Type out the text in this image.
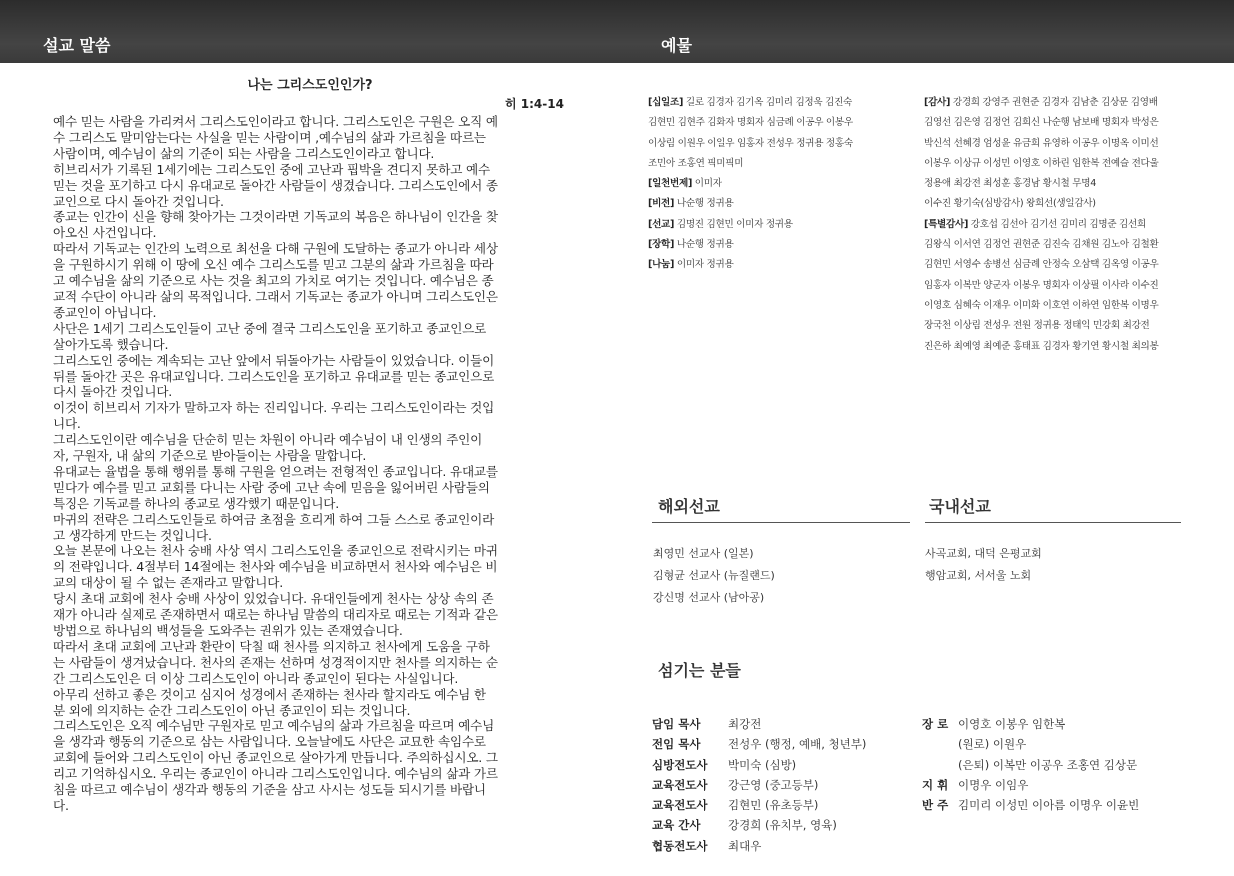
설교 말씀	예물
나는 그리스도인인가?
히 1:4-14

예수 믿는 사람을 가리켜서 그리스도인이라고 합니다. 그리스도인은 구원은 오직 예

수 그리스도 말미암는다는 사실을 믿는 사람이며 ,예수님의 삶과 가르침을 따르는

사람이며, 예수님이 삶의 기준이 되는 사람을 그리스도인이라고 합니다.

히브리서가 기록된 1세기에는 그리스도인 중에 고난과 핍박을 견디지 못하고 예수

믿는 것을 포기하고 다시 유대교로 돌아간 사람들이 생겼습니다. 그리스도인에서 종

교인으로 다시 돌아간 것입니다.

종교는 인간이 신을 향해 찾아가는 그것이라면 기독교의 복음은 하나님이 인간을 찾

아오신 사건입니다.

따라서 기독교는 인간의 노력으로 최선을 다해 구원에 도달하는 종교가 아니라 세상

을 구원하시기 위해 이 땅에 오신 예수 그리스도를 믿고 그분의 삶과 가르침을 따라

고 예수님을 삶의 기준으로 사는 것을 최고의 가치로 여기는 것입니다. 예수님은 종

교적 수단이 아니라 삶의 목적입니다. 그래서 기독교는 종교가 아니며 그리스도인은

종교인이 아닙니다.

사단은 1세기 그리스도인들이 고난 중에 결국 그리스도인을 포기하고 종교인으로

살아가도록 했습니다.

그리스도인 중에는 계속되는 고난 앞에서 뒤돌아가는 사람들이 있었습니다. 이들이

뒤를 돌아간 곳은 유대교입니다. 그리스도인을 포기하고 유대교를 믿는 종교인으로

다시 돌아간 것입니다.

이것이 히브리서 기자가 말하고자 하는 진리입니다. 우리는 그리스도인이라는 것입

니다.

그리스도인이란 예수님을 단순히 믿는 차원이 아니라 예수님이 내 인생의 주인이

자, 구원자, 내 삶의 기준으로 받아들이는 사람을 말합니다.

유대교는 율법을 통해 행위를 통해 구원을 얻으려는 전형적인 종교입니다. 유대교를

믿다가 예수를 믿고 교회를 다니는 사람 중에 고난 속에 믿음을 잃어버린 사람들의

특징은 기독교를 하나의 종교로 생각했기 때문입니다.

마귀의 전략은 그리스도인들로 하여금 초점을 흐리게 하여 그들 스스로 종교인이라

고 생각하게 만드는 것입니다.

오늘 본문에 나오는 천사 숭배 사상 역시 그리스도인을 종교인으로 전락시키는 마귀

의 전략입니다. 4절부터 14절에는 천사와 예수님을 비교하면서 천사와 예수님은 비

교의 대상이 될 수 없는 존재라고 말합니다.

당시 초대 교회에 천사 숭배 사상이 있었습니다. 유대인들에게 천사는 상상 속의 존

재가 아니라 실제로 존재하면서 때로는 하나님 말씀의 대리자로 때로는 기적과 같은

방법으로 하나님의 백성들을 도와주는 권위가 있는 존재였습니다.

따라서 초대 교회에 고난과 환란이 닥칠 때 천사를 의지하고 천사에게 도움을 구하

는 사람들이 생겨났습니다. 천사의 존재는 선하며 성경적이지만 천사를 의지하는 순

간 그리스도인은 더 이상 그리스도인이 아니라 종교인이 된다는 사실입니다.

아무리 선하고 좋은 것이고 심지어 성경에서 존재하는 천사라 할지라도 예수님 한

분 외에 의지하는 순간 그리스도인이 아닌 종교인이 되는 것입니다.

그리스도인은 오직 예수님만 구원자로 믿고 예수님의 삶과 가르침을 따르며 예수님

을 생각과 행동의 기준으로 삼는 사람입니다. 오늘날에도 사단은 교묘한 속임수로

교회에 들어와 그리스도인이 아닌 종교인으로 살아가게 만듭니다. 주의하십시오. 그

리고 기억하십시오. 우리는 종교인이 아니라 그리스도인입니다. 예수님의 삶과 가르

침을 따르고 예수님이 생각과 행동의 기준을 삼고 사시는 성도들 되시기를 바랍니

다.

[십일조] 길로 김경자 김기옥 김미리 김정욱 김진숙
김현민 김현주 김화자 명회자 심금례 이공우 이봉우
이상림 이원우 이일우 임홍자 전성우 정귀용 정홍숙
조민아 조홍연 픽미픽미
[일천번제] 이미자
[비전] 나순행 정귀용
[선교] 김명진 김현민 이미자 정귀용
[장학] 나순행 정귀용
[나눔] 이미자 정귀용
[감사] 강경희 강영주 권현준 김경자 김남춘 김상문 김영배
김영선 김은영 김정언 김희신 나순행 남보배 명회자 박성은
박신석 선혜경 엄성윤 유금희 유영하 이공우 이명옥 이미선
이봉우 이상규 이성민 이영호 이하린 임한복 전예슬 전다울
정용애 최강전 최성훈 홍경남 황시철 무명4
이수진 황기숙(심방감사) 왕희선(생일감사)
[특별감사] 강호섭 김선아 김기선 김미리 김명준 김선희
김왕식 이서연 김정언 권현준 김진숙 김채원 김노아 김철환
김현민 서영수 송병선 심금례 안정숙 오삼택 김옥영 이공우
임홍자 이복만 양군자 이봉우 명회자 이상필 이사라 이수진
이영호 심혜숙 이재우 이미화 이호연 이하연 임한복 이명우
장국천 이상림 전성우 전원 정귀용 정태익 민강회 최강전
진은하 최예영 최예준 홍태표 김경자 황기연 황시철 최의봉
해외선교
최영민 선교사 (일본)
김형균 선교사 (뉴질랜드)
강신명 선교사 (남아공)
국내선교
사곡교회, 대덕 은평교회
행암교회, 서서울 노회
섬기는 분들
담임 목사 최강전
전임 목사 전성우 (행정, 예배, 청년부)
심방전도사 박미숙 (심방)
교육전도사 강근영 (중고등부)
교육전도사 김현민 (유초등부)
교육 간사 강경희 (유치부, 영육)
협동전도사 최대우
장 로 이영호 이봉우 임한복
(원로) 이원우
(은퇴) 이복만 이공우 조홍연 김상문
지 휘 이명우 이임우
반 주 김미리 이성민 이아름 이명우 이윤빈
